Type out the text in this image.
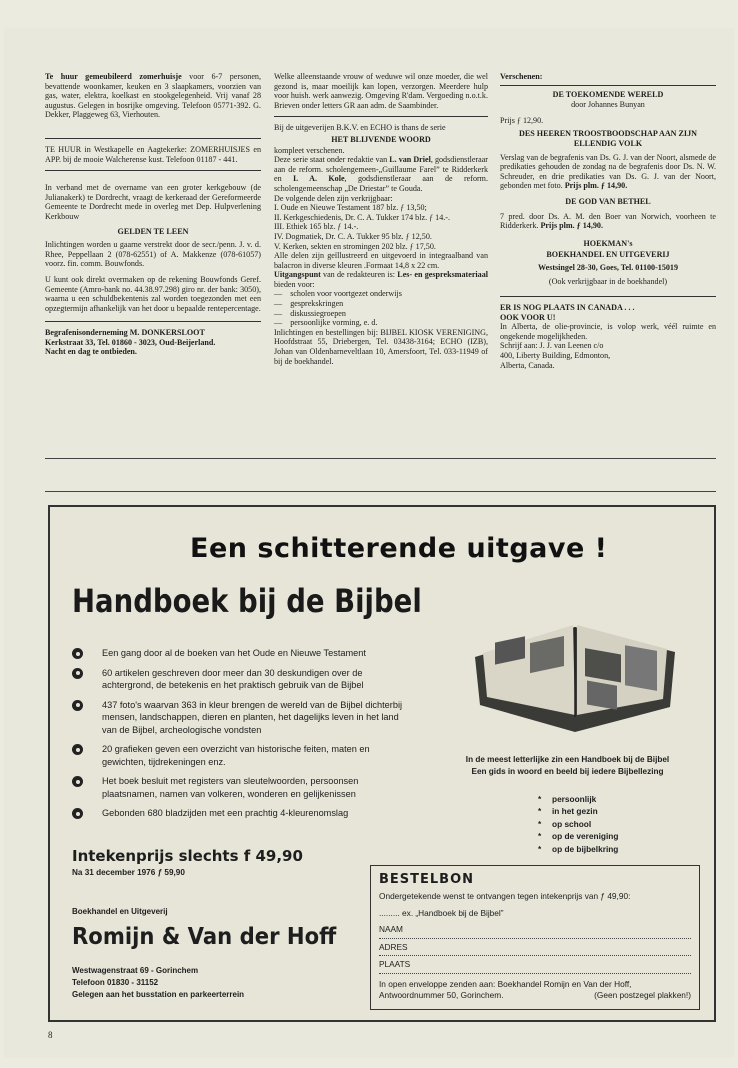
Te huur gemeubileerd zomerhuisje voor 6-7 personen, bevattende woonkamer, keuken en 3 slaapkamers, voorzien van gas, water, elektra, koelkast en stookgelegenheid. Vrij vanaf 28 augustus. Gelegen in bosrijke omgeving. Telefoon 05771-392. G. Dekker, Plaggeweg 63, Vierhouten.

TE HUUR in Westkapelle en Aagtekerke: ZOMERHUISJES en APP. bij de mooie Walcherense kust. Telefoon 01187 - 441.

In verband met de overname van een groter kerkgebouw (de Julianakerk) te Dordrecht, vraagt de kerkeraad der Gereformeerde Gemeente te Dordrecht mede in overleg met Dep. Hulpverlening Kerkbouw

GELDEN TE LEEN

Inlichtingen worden u gaarne verstrekt door de secr./penn. J. v. d. Rhee, Peppellaan 2 (078-62551) of A. Makkenze (078-61057) voorz. fin. comm. Bouwfonds.

U kunt ook direkt overmaken op de rekening Bouwfonds Geref. Gemeente (Amro-bank no. 44.38.97.298) giro nr. der bank: 3050), waarna u een schuldbekentenis zal worden toegezonden met een opzegtermijn afhankelijk van het door u bepaalde rentepercentage.

Begrafenisonderneming M. DONKERSLOOT

Kerkstraat 33, Tel. 01860 - 3023, Oud-Beijerland.

Nacht en dag te ontbieden.

Welke alleenstaande vrouw of weduwe wil onze moeder, die wel gezond is, maar moeilijk kan lopen, verzorgen. Meerdere hulp voor huish. werk aanwezig. Omgeving R'dam. Vergoeding n.o.t.k. Brieven onder letters GR aan adm. de Saambinder.

Bij de uitgeverijen B.K.V. en ECHO is thans de serie

HET BLIJVENDE WOORD

kompleet verschenen.

Deze serie staat onder redaktie van L. van Driel, godsdienstleraar aan de reform. scholengemeen-„Guillaume Farel” te Ridderkerk en I. A. Kole, godsdienstleraar aan de reform. scholengemeenschap „De Driestar” te Gouda.

De volgende delen zijn verkrijgbaar:

I. Oude en Nieuwe Testament 187 blz. ƒ 13,50;

II. Kerkgeschiedenis, Dr. C. A. Tukker 174 blz. ƒ 14.-.

III. Ethiek 165 blz. ƒ 14.-.

IV. Dogmatiek, Dr. C. A. Tukker 95 blz. ƒ 12,50.

V. Kerken, sekten en stromingen 202 blz. ƒ 17,50.

Alle delen zijn geïllustreerd en uitgevoerd in integraalband van balacron in diverse kleuren .Formaat 14,8 x 22 cm.

Uitgangspunt van de redakteuren is: Les- en gespreksmateriaal bieden voor:

—    scholen voor voortgezet onderwijs

—    gesprekskringen

—    diskussiegroepen

—    persoonlijke vorming, e. d.

Inlichtingen en bestellingen bij: BIJBEL KIOSK VERENIGING, Hoofdstraat 55, Driebergen, Tel. 03438-3164; ECHO (IZB), Johan van Oldenbarneveltlaan 10, Amersfoort, Tel. 033-11949 of bij de boekhandel.

Verschenen:

DE TOEKOMENDE WERELD

door Johannes Bunyan

Prijs ƒ 12,90.

DES HEEREN TROOSTBOODSCHAP AAN ZIJN ELLENDIG VOLK

Verslag van de begrafenis van Ds. G. J. van der Noort, alsmede de predikaties gehouden de zondag na de begrafenis door Ds. N. W. Schreuder, en drie predikaties van Ds. G. J. van der Noort, gebonden met foto. Prijs plm. ƒ 14,90.

DE GOD VAN BETHEL

7 pred. door Ds. A. M. den Boer van Norwich, voorheen te Ridderkerk. Prijs plm. ƒ 14,90.

HOEKMAN's
BOEKHANDEL EN UITGEVERIJ

Westsingel 28-30, Goes, Tel. 01100-15019

(Ook verkrijgbaar in de boekhandel)

ER IS NOG PLAATS IN CANADA . . .

OOK VOOR U!

In Alberta, de olie-provincie, is volop werk, véél ruimte en ongekende mogelijkheden.

Schrijf aan: J. J. van Leenen c/o

400, Liberty Building, Edmonton,

Alberta, Canada.

Een schitterende uitgave !
Handboek bij de Bijbel
Een gang door al de boeken van het Oude en Nieuwe Testament
60 artikelen geschreven door meer dan 30 deskundigen over de achtergrond, de betekenis en het praktisch gebruik van de Bijbel
437 foto's waarvan 363 in kleur brengen de wereld van de Bijbel dichterbij mensen, landschappen, dieren en planten, het dagelijks leven in het land van de Bijbel, archeologische vondsten
20 grafieken geven een overzicht van historische feiten, maten en gewichten, tijdrekeningen enz.
Het boek besluit met registers van sleutelwoorden, persoonsen plaatsnamen, namen van volkeren, wonderen en gelijkenissen
Gebonden 680 bladzijden met een prachtig 4-kleurenomslag
In de meest letterlijke zin een Handboek bij de Bijbel
Een gids in woord en beeld bij iedere Bijbellezing
* persoonlijk
* in het gezin
* op school
* op de vereniging
* op de bijbelkring
Intekenprijs slechts f 49,90
Na 31 december 1976 ƒ 59,90
Boekhandel en Uitgeverij
Romijn & Van der Hoff
Westwagenstraat 69 - Gorinchem
Telefoon 01830 - 31152
Gelegen aan het busstation en parkeerterrein
BESTELBON
Ondergetekende wenst te ontvangen tegen intekenprijs van ƒ 49,90:
......... ex. „Handboek bij de Bijbel”
NAAM
ADRES
PLAATS
In open enveloppe zenden aan: Boekhandel Romijn en Van der Hoff,
Antwoordnummer 50, Gorinchem.	(Geen postzegel plakken!)
8
